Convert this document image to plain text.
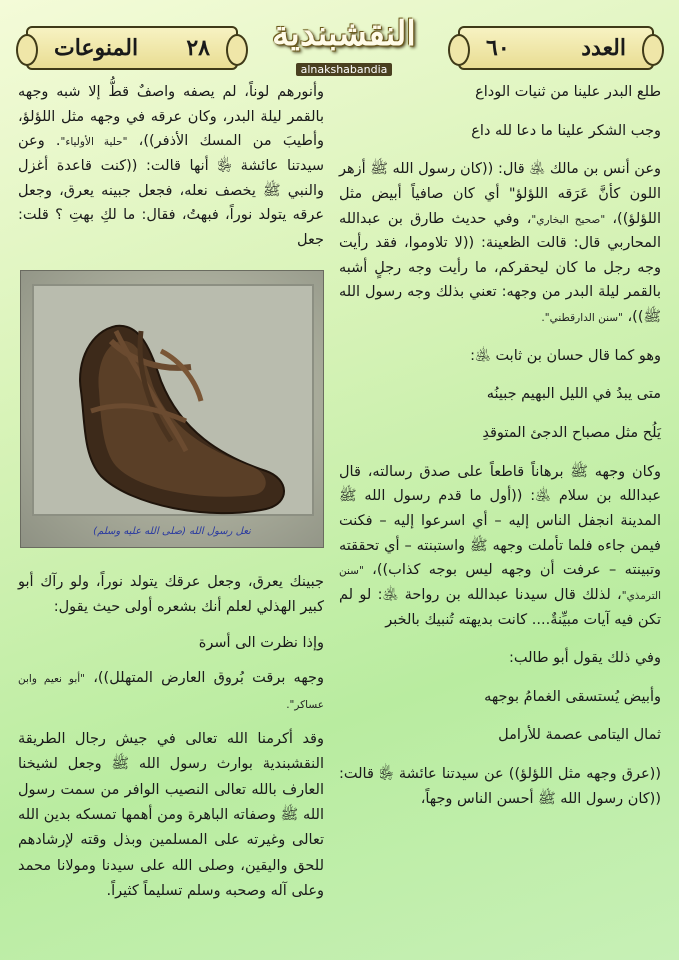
المنوعات ٢٨	النقشبندية
alnakshabandia
٦٠	العدد

طلع البدر علينا من ثنيات الوداع

وجب الشكر علينا ما دعا لله داع

وعن أنس بن مالك ﵁ قال: ((كان رسول الله ﷺ أزهر اللون كأنَّ عَرَقه اللؤلؤ" أي كان صافياً أبيض مثل اللؤلؤ))، "صحيح البخاري"، وفي حديث طارق بن عبدالله المحاربي قال: قالت الظعينة: ((لا تلاوموا، فقد رأيت وجه رجل ما كان ليحقركم، ما رأيت وجه رجلٍ أشبه بالقمر ليلة البدر من وجهه: تعني بذلك وجه رسول الله ﷺ))، "سنن الدارقطني".

وهو كما قال حسان بن ثابت ﵁:

متى يبدُ في الليل البهيم جبينُه

يَلُح مثل مصباح الدجئ المتوقدِ

وكان وجهه ﷺ برهاناً قاطعاً على صدق رسالته، قال عبدالله بن سلام ﵁: ((أول ما قدم رسول الله ﷺ المدينة انجفل الناس إليه – أي اسرعوا إليه – فكنت فيمن جاءه فلما تأملت وجهه ﷺ واستبنته – أي تحققته وتبينته – عرفت أن وجهه ليس بوجه كذاب))، "سنن الترمذي"، لذلك قال سيدنا عبدالله بن رواحة ﵁: لو لم تكن فيه آيات مبيِّنةٌ.... كانت بديهته تُنبيك بالخبر

وفي ذلك يقول أبو طالب:

وأبيض يُستسقى الغمامُ بوجهه

ثمال اليتامى عصمة للأرامل

((عرق وجهه مثل اللؤلؤ)) عن سيدتنا عائشة ﵂ قالت: ((كان رسول الله ﷺ أحسن الناس وجهاً،

وأنورهم لوناً، لم يصفه واصفٌ قطُّ إلا شبه وجهه بالقمر ليلة البدر، وكان عرقه في وجهه مثل اللؤلؤ، وأطيبَ من المسك الأذفر))، "حلية الأولياء". وعن سيدتنا عائشة ﵂ أنها قالت: ((كنت قاعدة أغزل والنبي ﷺ يخصف نعله، فجعل جبينه يعرق، وجعل عرقه يتولد نوراً، فبهتُ، فقال: ما لكِ بهتِ ؟ قلت: جعل

نعل رسول الله (صلى الله عليه وسلم)

جبينك يعرق، وجعل عرقك يتولد نوراً، ولو رآك أبو كبير الهذلي لعلم أنك بشعره أولى حيث يقول:

وإذا نظرت الى أسرة

وجهه برقت بُروق العارض المتهلل))، "أبو نعيم وابن عساكر".

وقد أكرمنا الله تعالى في جيش رجال الطريقة النقشبندية بوارث رسول الله ﷺ وجعل لشيخنا العارف بالله تعالى النصيب الوافر من سمت رسول الله ﷺ وصفاته الباهرة ومن أهمها تمسكه بدين الله تعالى وغيرته على المسلمين وبذل وقته لإرشادهم للحق واليقين، وصلى الله على سيدنا ومولانا محمد وعلى آله وصحبه وسلم تسليماً كثيراً.
